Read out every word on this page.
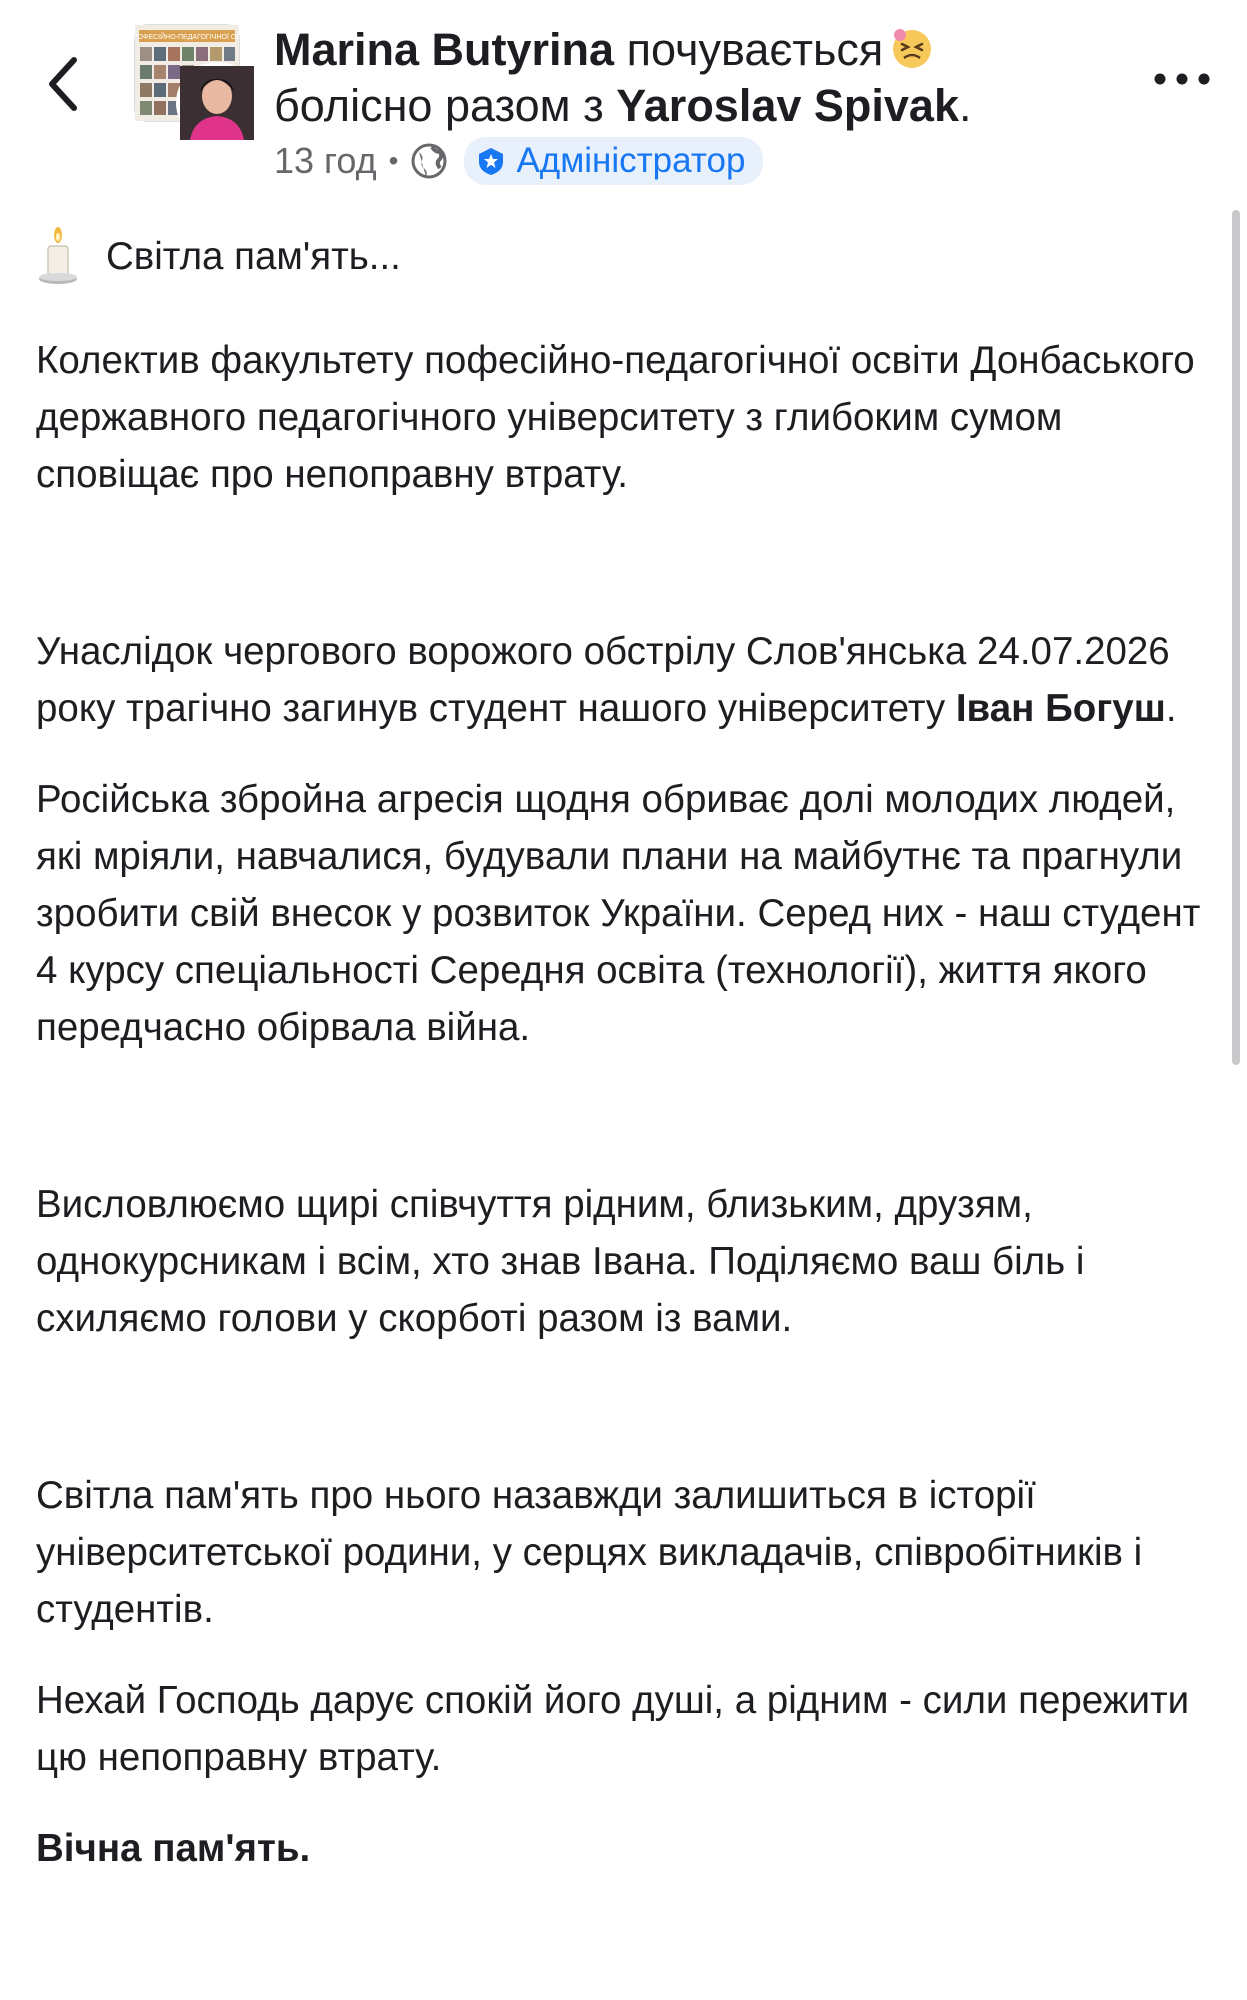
ПРОФЕСІЙНО-ПЕДАГОГІЧНОЇ ОСВ Marina Butyrina почувається
болісно разом з Yaroslav Spivak.
13 год •	Адміністратор

Світла пам'ять...

Колектив факультету пофесійно-педагогічної освіти Донбаського державного педагогічного університету з глибоким сумом сповіщає про непоправну втрату.

Унаслідок чергового ворожого обстрілу Слов'янська 24.07.2026 року трагічно загинув студент нашого університету Іван Богуш.

Російська збройна агресія щодня обриває долі молодих людей, які мріяли, навчалися, будували плани на майбутнє та прагнули зробити свій внесок у розвиток України. Серед них - наш студент 4 курсу спеціальності Середня освіта (технології), життя якого передчасно обірвала війна.

Висловлюємо щирі співчуття рідним, близьким, друзям, однокурсникам і всім, хто знав Івана. Поділяємо ваш біль і схиляємо голови у скорботі разом із вами.

Світла пам'ять про нього назавжди залишиться в історії університетської родини, у серцях викладачів, співробітників і студентів.

Нехай Господь дарує спокій його душі, а рідним - сили пережити цю непоправну втрату.

Вічна пам'ять.
